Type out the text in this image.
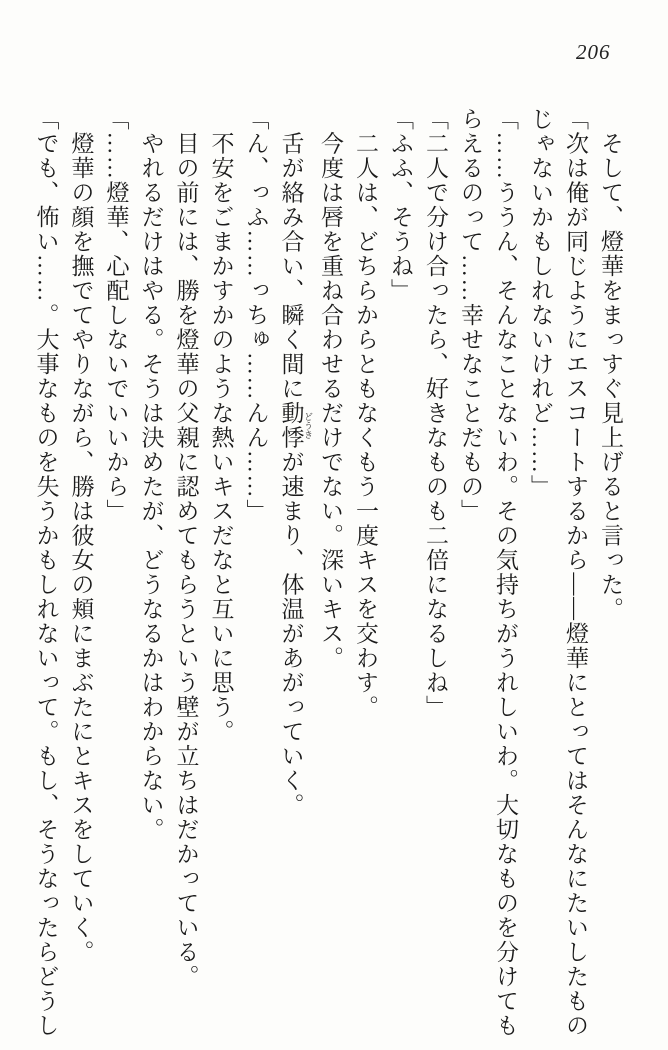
206
　そして、燈華をまっすぐ見上げると言った。
「次は俺が同じようにエスコートするから――燈華にとってはそんなにたいしたもの
じゃないかもしれないけれど……」
「……ううん、そんなことないわ。その気持ちがうれしいわ。大切なものを分けても
らえるのって……幸せなことだもの」
「二人で分け合ったら、好きなものも二倍になるしね」
「ふふ、そうね」
　二人は、どちらからともなくもう一度キスを交わす。
　今度は唇を重ね合わせるだけでない。深いキス。
　舌が絡み合い、瞬く間に動悸 どうきが速まり、体温があがっていく。
「ん、っふ……っちゅ……んん……」
　不安をごまかすかのような熱いキスだなと互いに思う。
　目の前には、勝を燈華の父親に認めてもらうという壁が立ちはだかっている。
　やれるだけはやる。そうは決めたが、どうなるかはわからない。
「……燈華、心配しないでいいから」
　燈華の顔を撫でてやりながら、勝は彼女の頬にまぶたにとキスをしていく。
「でも、怖い……。大事なものを失うかもしれないって。もし、そうなったらどうし
